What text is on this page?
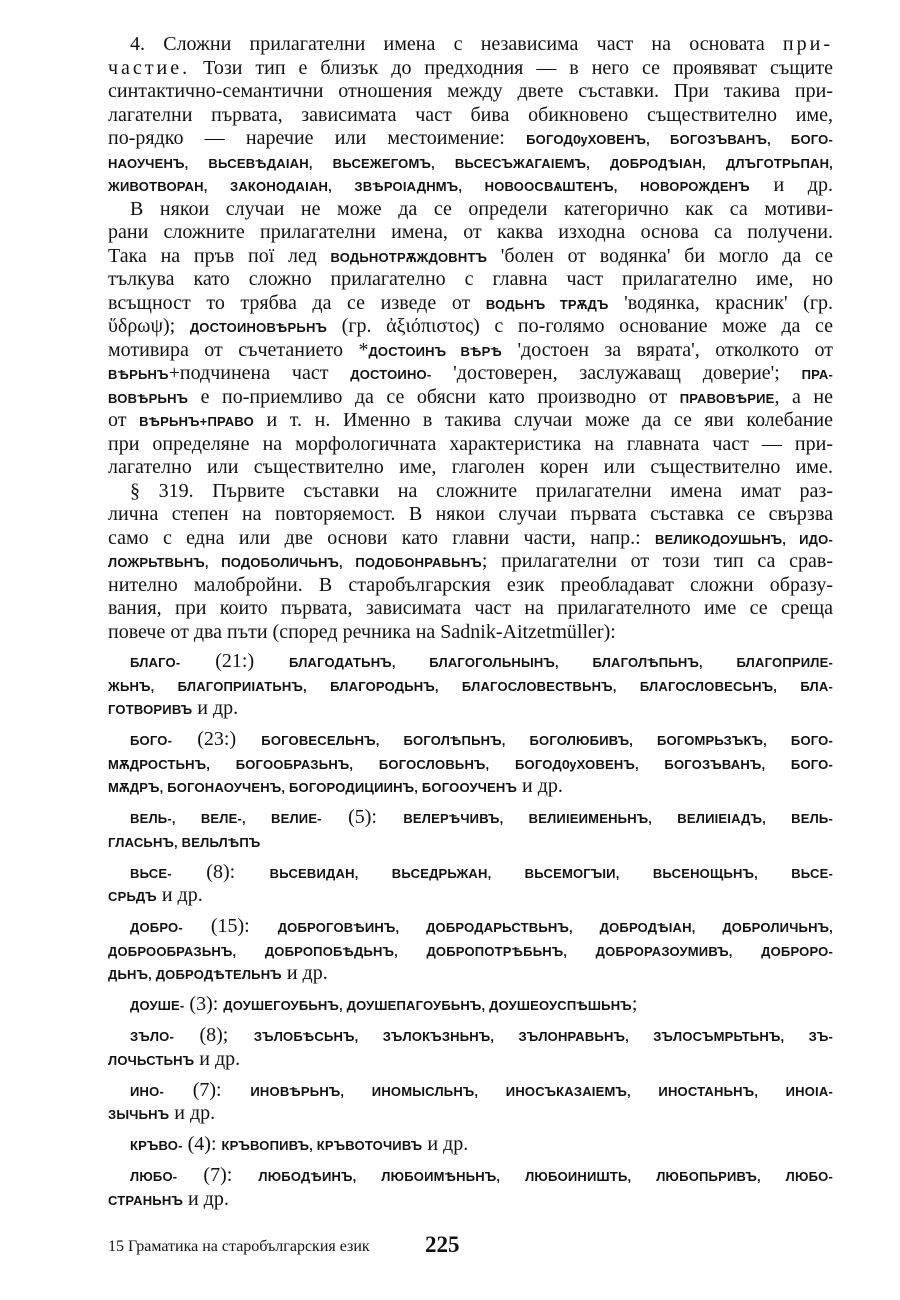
4. Сложни прилагателни имена с независима част на основата при-
частие. Този тип е близък до предходния — в него се проявяват същите
синтактично-семантични отношения между двете съставки. При такива при-
лагателни първата, зависимата част бива обикновено съществително име,
по-рядко — наречие или местоимение: БОГОДѸХОВЕНЪ, БОГОЗЪВАНЪ, БОГО-
НАОУЧЕНЪ, ВЬСЕВѢДАIАН, ВЬСЕЖЕГОМЪ, ВЬСЕСЪЖАГАIЕМЪ, ДОБРОДѢIАН, ДЛЪГОТРЬПАН,
ЖИВОТВОРАН, ЗАКОНОДАIАН, ЗВѢРОIАДНМЪ, НОВООСВѦШТЕНЪ, НОВОРОЖДЕНЪ и др.
В някои случаи не може да се определи категорично как са мотиви-
рани сложните прилагателни имена, от каква изходна основа са получени.
Така на пръв пої лед ВОДЬНОТРѪЖДОВНТЪ 'болен от водянка' би могло да се
тълкува като сложно прилагателно с главна част прилагателно име, но
всъщност то трябва да се изведе от ВОДЬНЪ ТРѪДЪ 'водянка, красник' (гр.
ὕδρωψ); ДОСТОИНОВѢРЬНЪ (гр. ἀξιόπιστος) с по-голямо основание може да се
мотивира от съчетанието *ДОСТОИНЪ ВѢРѢ 'достоен за вярата', отколкото от
ВѢРЬНЪ+подчинена част ДОСТОИНО- 'достоверен, заслужаващ доверие'; ПРА-
ВОВѢРЬНЪ е по-приемливо да се обясни като производно от ПРАВОВѢРИЕ, а не
от ВѢРЬНЪ+ПРАВО и т. н. Именно в такива случаи може да се яви колебание
при определяне на морфологичната характеристика на главната част — при-
лагателно или съществително име, глаголен корен или съществително име.
§ 319. Първите съставки на сложните прилагателни имена имат раз-
лична степен на повторяемост. В някои случаи първата съставка се свързва
само с една или две основи като главни части, напр.: ВЕЛИКОДОУШЬНЪ, ИДО-
ЛОЖРЬТВЬНЪ, ПОДОБОЛИЧЬНЪ, ПОДОБОНРАВЬНЪ; прилагателни от този тип са срав-
нително малобройни. В старобългарския език преобладават сложни образу-
вания, при които първата, зависимата част на прилагателното име се среща
повече от два пъти (според речника на Sadnik-Aitzetmüller):
БЛАГО- (21:) БЛАГОДАТЬНЪ, БЛАГОГОЛЬНЫНЪ, БЛАГОЛѢПЬНЪ, БЛАГОПРИЛЕ-
ЖЬНЪ, БЛАГОПРИIАТЬНЪ, БЛАГОРОДЬНЪ, БЛАГОСЛОВЕСТВЬНЪ, БЛАГОСЛОВЕСЬНЪ, БЛА-
ГОТВОРИВЪ и др.
БОГО- (23:) БОГОВЕСЕЛЬНЪ, БОГОЛѢПЬНЪ, БОГОЛЮБИВЪ, БОГОМРЬЗЪКЪ, БОГО-
МѪДРОСТЬНЪ, БОГООБРАЗЬНЪ, БОГОСЛОВЬНЪ, БОГОДѸХОВЕНЪ, БОГОЗЪВАНЪ, БОГО-
МѪДРЪ, БОГОНАОУЧЕНЪ, БОГОРОДИЦИИНЪ, БОГООУЧЕНЪ и др.
ВЕЛЬ-, ВЕЛЕ-, ВЕЛИЕ- (5): ВЕЛЕРѢЧИВЪ, ВЕЛИIЕИМЕНЬНЪ, ВЕЛИIЕIАДЪ, ВЕЛЬ-
ГЛАСЬНЪ, ВЕЛЬЛѢПЪ
ВЬСЕ- (8): ВЬСЕВИДАН, ВЬСЕДРЬЖАН, ВЬСЕМОГЪIИ, ВЬСЕНОЩЬНЪ, ВЬСЕ-
СРЬДЪ и др.
ДОБРО- (15): ДОБРОГОВѢИНЪ, ДОБРОДАРЬСТВЬНЪ, ДОБРОДѢIАН, ДОБРОЛИЧЬНЪ,
ДОБРООБРАЗЬНЪ, ДОБРОПОБѢДЬНЪ, ДОБРОПОТРѢБЬНЪ, ДОБРОРАЗОУМИВЪ, ДОБРОРО-
ДЬНЪ, ДОБРОДѢТЕЛЬНЪ и др.
ДОУШЕ- (3): ДОУШЕГОУБЬНЪ, ДОУШЕПАГОУБЬНЪ, ДОУШЕОУСПѢШЬНЪ;
ЗЪЛО- (8); ЗЪЛОБѢСЬНЪ, ЗЪЛОКЪЗНЬНЪ, ЗЪЛОНРАВЬНЪ, ЗЪЛОСЪМРЬТЬНЪ, ЗЪ-
ЛОЧЬСТЬНЪ и др.
ИНО- (7): ИНОВѢРЬНЪ, ИНОМЫСЛЬНЪ, ИНОСЪКАЗАIЕМЪ, ИНОСТАНЬНЪ, ИНОIА-
ЗЫЧЬНЪ и др.
КРЪВО- (4): КРЪВОПИВЪ, КРЪВОТОЧИВЪ и др.
ЛЮБО- (7): ЛЮБОДѢИНЪ, ЛЮБОИМѢНЬНЪ, ЛЮБОИНИШТЬ, ЛЮБОПЬРИВЪ, ЛЮБО-
СТРАНЬНЪ и др.
15 Граматика на старобългарския език 225
